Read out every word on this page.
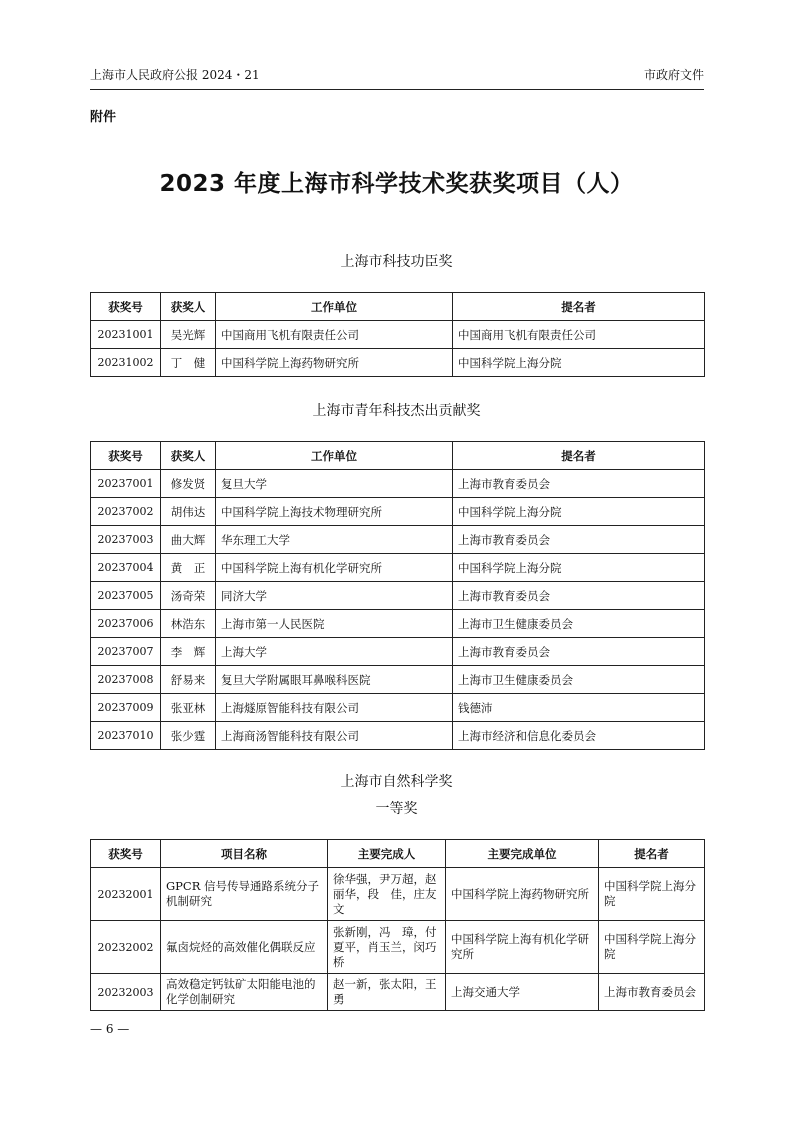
上海市人民政府公报 2024・21	市政府文件
附件
2023 年度上海市科学技术奖获奖项目（人）
上海市科技功臣奖
获奖号	获奖人	工作单位	提名者
20231001	吴光辉	中国商用飞机有限责任公司	中国商用飞机有限责任公司
20231002	丁　健	中国科学院上海药物研究所	中国科学院上海分院
上海市青年科技杰出贡献奖
获奖号	获奖人	工作单位	提名者
20237001	修发贤	复旦大学	上海市教育委员会
20237002	胡伟达	中国科学院上海技术物理研究所	中国科学院上海分院
20237003	曲大辉	华东理工大学	上海市教育委员会
20237004	黄　正	中国科学院上海有机化学研究所	中国科学院上海分院
20237005	汤奇荣	同济大学	上海市教育委员会
20237006	林浩东	上海市第一人民医院	上海市卫生健康委员会
20237007	李　辉	上海大学	上海市教育委员会
20237008	舒易来	复旦大学附属眼耳鼻喉科医院	上海市卫生健康委员会
20237009	张亚林	上海燧原智能科技有限公司	钱德沛
20237010	张少霆	上海商汤智能科技有限公司	上海市经济和信息化委员会
上海市自然科学奖
一等奖
获奖号	项目名称	主要完成人	主要完成单位	提名者
20232001	GPCR 信号传导通路系统分子机制研究	徐华强，尹万超，赵丽华，段　佳，庄友文	中国科学院上海药物研究所	中国科学院上海分院
20232002	氟卤烷烃的高效催化偶联反应	张新刚，冯　璋，付夏平，肖玉兰，闵巧桥	中国科学院上海有机化学研究所	中国科学院上海分院
20232003	高效稳定钙钛矿太阳能电池的化学创制研究	赵一新，张太阳，王　勇	上海交通大学	上海市教育委员会
— 6 —
